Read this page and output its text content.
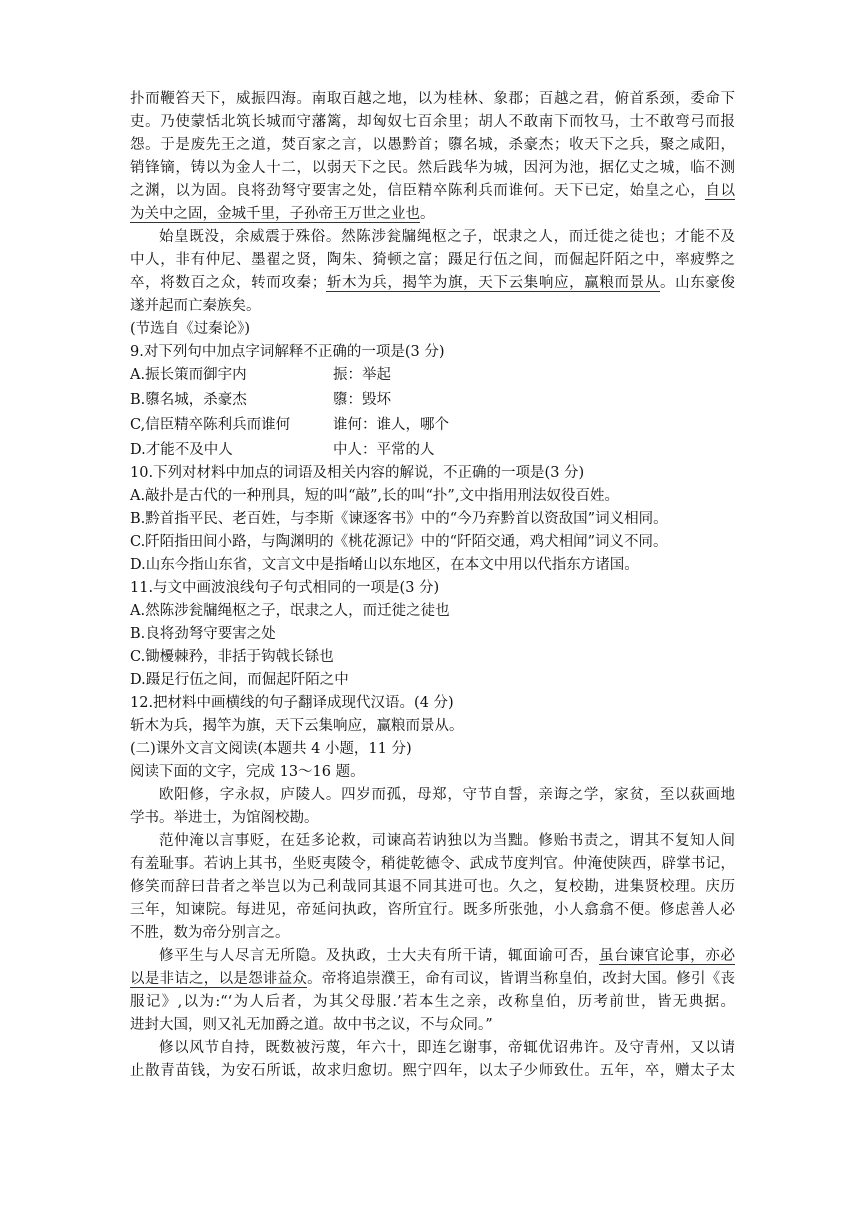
扑而鞭笞天下，威振四海。南取百越之地，以为桂林、象郡；百越之君，俯首系颈，委命下
吏。乃使蒙恬北筑长城而守藩篱，却匈奴七百余里；胡人不敢南下而牧马，士不敢弯弓而报
怨。于是废先王之道，焚百家之言，以愚黔首；隳名城，杀豪杰；收天下之兵，聚之咸阳，
销锋镝，铸以为金人十二，以弱天下之民。然后践华为城，因河为池，据亿丈之城，临不测
之渊，以为固。良将劲弩守要害之处，信臣精卒陈利兵而谁何。天下已定，始皇之心，自以
为关中之固，金城千里，子孙帝王万世之业也。
始皇既没，余威震于殊俗。然陈涉瓮牖绳枢之子，氓隶之人，而迁徙之徒也；才能不及
中人，非有仲尼、墨翟之贤，陶朱、猗顿之富；蹑足行伍之间，而倔起阡陌之中，率疲弊之
卒，将数百之众，转而攻秦；斩木为兵，揭竿为旗，天下云集响应，赢粮而景从。山东豪俊
遂并起而亡秦族矣。
(节选自《过秦论》)
9.对下列句中加点字词解释不正确的一项是(3 分)
A.振长策而御宇内	振：举起
B.隳名城，杀豪杰	隳：毁坏
C,信臣精卒陈利兵而谁何	谁何：谁人，哪个
D.才能不及中人	中人：平常的人
10.下列对材料中加点的词语及相关内容的解说，不正确的一项是(3 分)
A.敲扑是古代的一种刑具，短的叫“敲”,长的叫“扑”,文中指用刑法奴役百姓。
B.黔首指平民、老百姓，与李斯《谏逐客书》中的“今乃弃黔首以资敌国”词义相同。
C.阡陌指田间小路，与陶渊明的《桃花源记》中的“阡陌交通，鸡犬相闻”词义不同。
D.山东今指山东省，文言文中是指崤山以东地区，在本文中用以代指东方诸国。
11.与文中画波浪线句子句式相同的一项是(3 分)
A.然陈涉瓮牖绳枢之子，氓隶之人，而迁徙之徒也
B.良将劲弩守要害之处
C.锄櫌棘矜，非括于钩戟长铩也
D.蹑足行伍之间，而倔起阡陌之中
12.把材料中画横线的句子翻译成现代汉语。(4 分)
斩木为兵，揭竿为旗，天下云集响应，赢粮而景从。
(二)课外文言文阅读(本题共 4 小题，11 分)
阅读下面的文字，完成 13～16 题。
欧阳修，字永叔，庐陵人。四岁而孤，母郑，守节自誓，亲诲之学，家贫，至以荻画地
学书。举进士，为馆阁校勘。
范仲淹以言事贬，在廷多论救，司谏高若讷独以为当黜。修贻书责之，谓其不复知人间
有羞耻事。若讷上其书，坐贬夷陵令，稍徙乾德令、武成节度判官。仲淹使陕西，辟掌书记，
修笑而辞曰昔者之举岂以为己利哉同其退不同其进可也。久之，复校勘，进集贤校理。庆历
三年，知谏院。每进见，帝延问执政，咨所宜行。既多所张弛，小人翕翕不便。修虑善人必
不胜，数为帝分别言之。
修平生与人尽言无所隐。及执政，士大夫有所干请，辄面谕可否，虽台谏官论事，亦必
以是非诘之，以是怨诽益众。帝将追崇濮王，命有司议，皆谓当称皇伯，改封大国。修引《丧
服记》,以为:“‘为人后者，为其父母服.’若本生之亲，改称皇伯，历考前世，皆无典据。
进封大国，则又礼无加爵之道。故中书之议，不与众同。”
修以风节自持，既数被污蔑，年六十，即连乞谢事，帝辄优诏弗许。及守青州，又以请
止散青苗钱，为安石所诋，故求归愈切。熙宁四年，以太子少师致仕。五年，卒，赠太子太
